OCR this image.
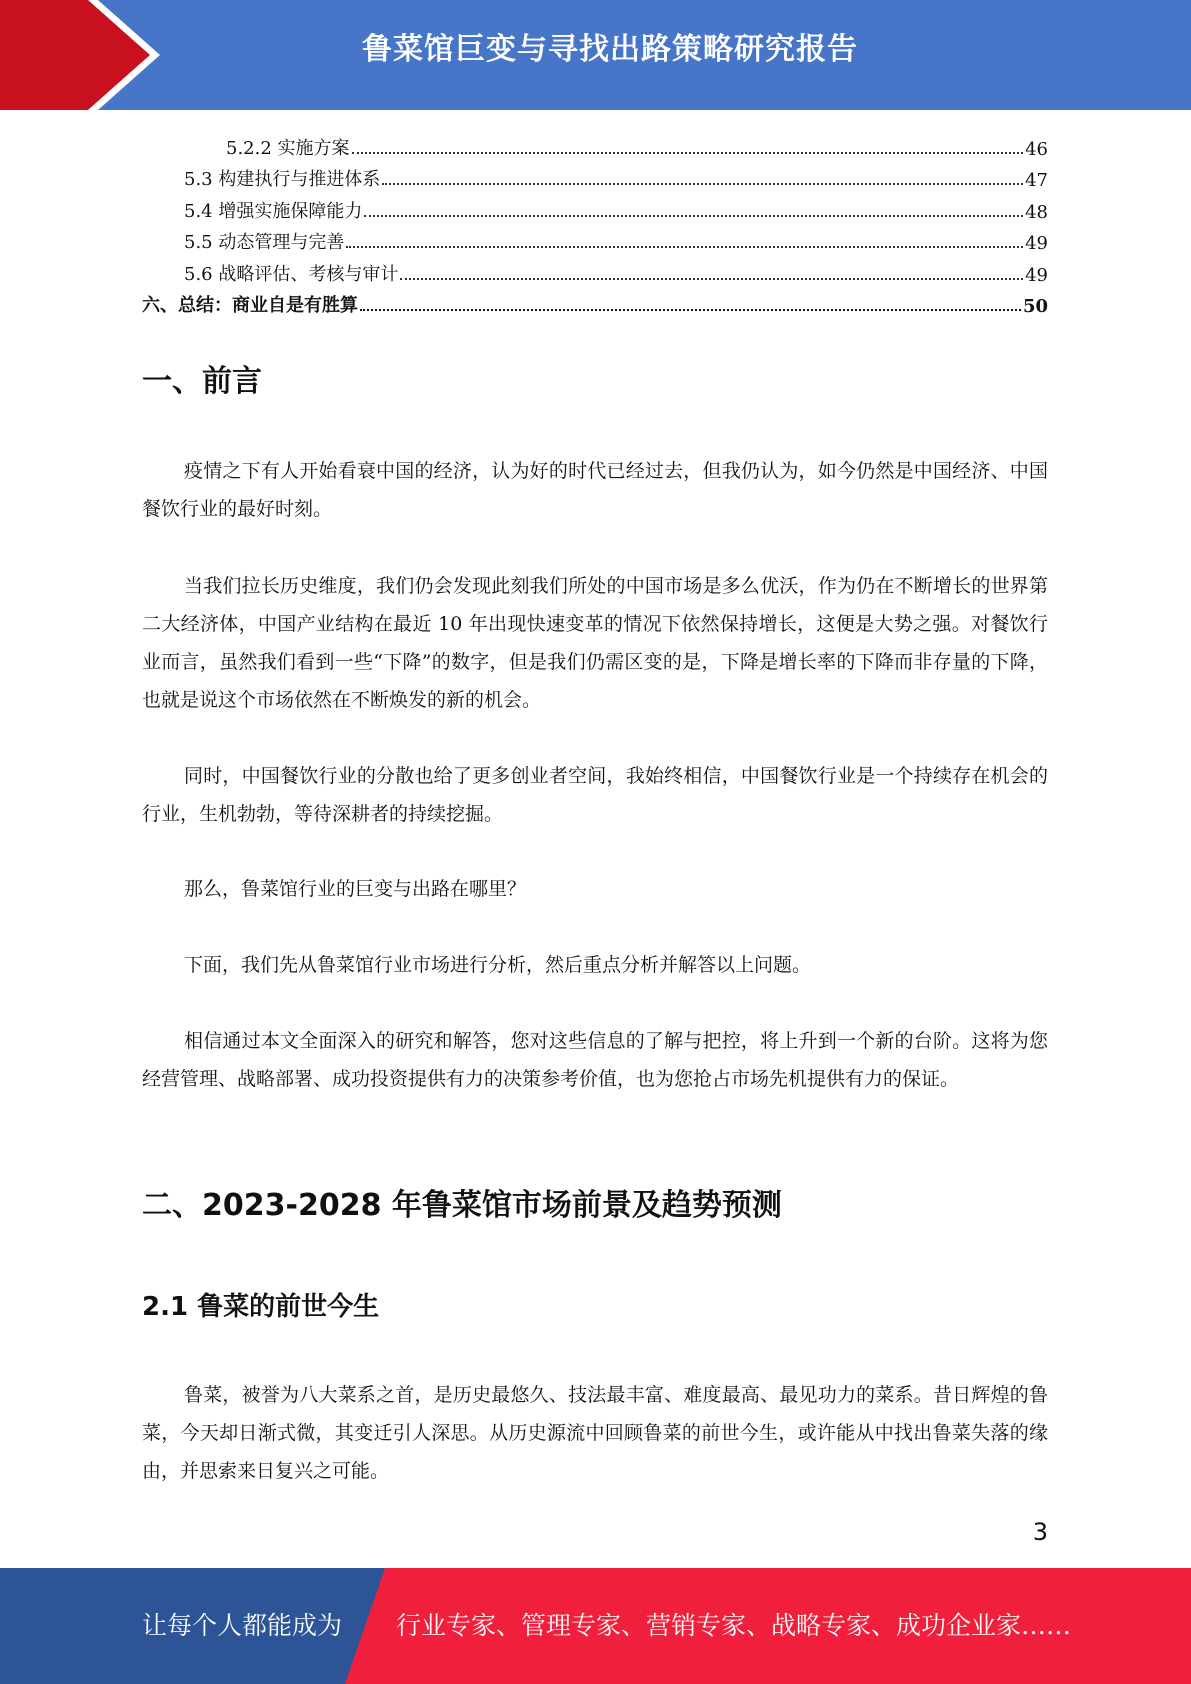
鲁菜馆巨变与寻找出路策略研究报告
5.2.2 实施方案	46
5.3 构建执行与推进体系	47
5.4 增强实施保障能力	48
5.5 动态管理与完善	49
5.6 战略评估、考核与审计	49
六、总结：商业自是有胜算	50
一、前言

疫情之下有人开始看衰中国的经济，认为好的时代已经过去，但我仍认为，如今仍然是中国经济、中国餐饮行业的最好时刻。

当我们拉长历史维度，我们仍会发现此刻我们所处的中国市场是多么优沃，作为仍在不断增长的世界第二大经济体，中国产业结构在最近 10 年出现快速变革的情况下依然保持增长，这便是大势之强。对餐饮行业而言，虽然我们看到一些“下降”的数字，但是我们仍需区变的是，下降是增长率的下降而非存量的下降，也就是说这个市场依然在不断焕发的新的机会。

同时，中国餐饮行业的分散也给了更多创业者空间，我始终相信，中国餐饮行业是一个持续存在机会的行业，生机勃勃，等待深耕者的持续挖掘。

那么，鲁菜馆行业的巨变与出路在哪里？

下面，我们先从鲁菜馆行业市场进行分析，然后重点分析并解答以上问题。

相信通过本文全面深入的研究和解答，您对这些信息的了解与把控，将上升到一个新的台阶。这将为您经营管理、战略部署、成功投资提供有力的决策参考价值，也为您抢占市场先机提供有力的保证。

二、2023-2028 年鲁菜馆市场前景及趋势预测
2.1 鲁菜的前世今生

鲁菜，被誉为八大菜系之首，是历史最悠久、技法最丰富、难度最高、最见功力的菜系。昔日辉煌的鲁菜，今天却日渐式微，其变迁引人深思。从历史源流中回顾鲁菜的前世今生，或许能从中找出鲁菜失落的缘由，并思索来日复兴之可能。

3
让每个人都能成为 行业专家、管理专家、营销专家、战略专家、成功企业家……
